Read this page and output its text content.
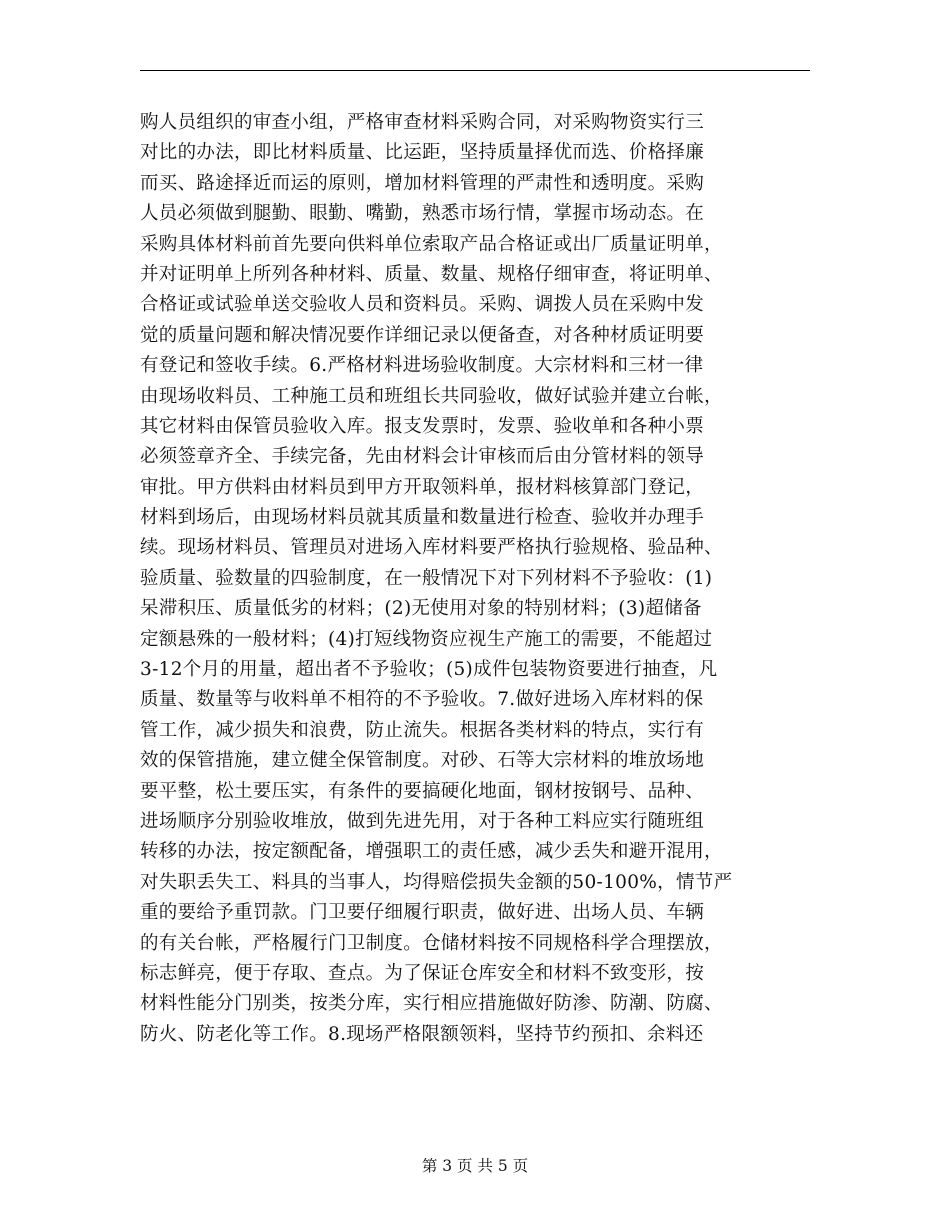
购人员组织的审查小组，严格审查材料采购合同，对采购物资实行三
对比的办法，即比材料质量、比运距，坚持质量择优而选、价格择廉
而买、路途择近而运的原则，增加材料管理的严肃性和透明度。采购
人员必须做到腿勤、眼勤、嘴勤，熟悉市场行情，掌握市场动态。在
采购具体材料前首先要向供料单位索取产品合格证或出厂质量证明单，
并对证明单上所列各种材料、质量、数量、规格仔细审查，将证明单、
合格证或试验单送交验收人员和资料员。采购、调拨人员在采购中发
觉的质量问题和解决情况要作详细记录以便备查，对各种材质证明要
有登记和签收手续。6.严格材料进场验收制度。大宗材料和三材一律
由现场收料员、工种施工员和班组长共同验收，做好试验并建立台帐，
其它材料由保管员验收入库。报支发票时，发票、验收单和各种小票
必须签章齐全、手续完备，先由材料会计审核而后由分管材料的领导
审批。甲方供料由材料员到甲方开取领料单，报材料核算部门登记，
材料到场后，由现场材料员就其质量和数量进行检查、验收并办理手
续。现场材料员、管理员对进场入库材料要严格执行验规格、验品种、
验质量、验数量的四验制度，在一般情况下对下列材料不予验收：(1)
呆滞积压、质量低劣的材料；(2)无使用对象的特别材料；(3)超储备
定额悬殊的一般材料；(4)打短线物资应视生产施工的需要，不能超过
3-12个月的用量，超出者不予验收；(5)成件包装物资要进行抽查，凡
质量、数量等与收料单不相符的不予验收。7.做好进场入库材料的保
管工作，减少损失和浪费，防止流失。根据各类材料的特点，实行有
效的保管措施，建立健全保管制度。对砂、石等大宗材料的堆放场地
要平整，松土要压实，有条件的要搞硬化地面，钢材按钢号、品种、
进场顺序分别验收堆放，做到先进先用，对于各种工料应实行随班组
转移的办法，按定额配备，增强职工的责任感，减少丢失和避开混用，
对失职丢失工、料具的当事人，均得赔偿损失金额的50-100%，情节严
重的要给予重罚款。门卫要仔细履行职责，做好进、出场人员、车辆
的有关台帐，严格履行门卫制度。仓储材料按不同规格科学合理摆放，
标志鲜亮，便于存取、查点。为了保证仓库安全和材料不致变形，按
材料性能分门别类，按类分库，实行相应措施做好防渗、防潮、防腐、
防火、防老化等工作。8.现场严格限额领料，坚持节约预扣、余料还
第 3 页 共 5 页
